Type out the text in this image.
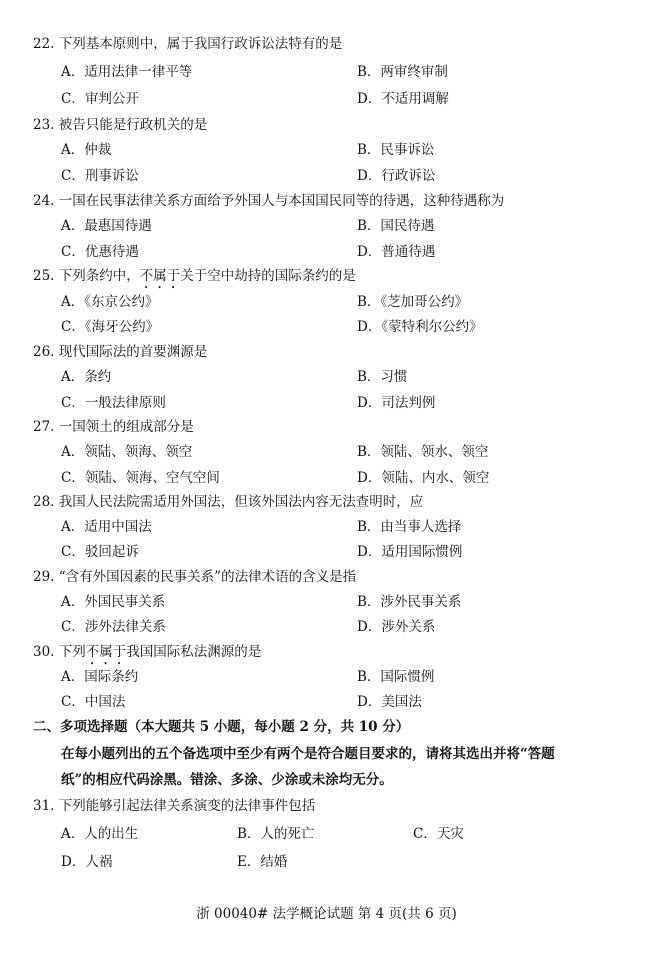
22. 下列基本原则中，属于我国行政诉讼法特有的是
A．适用法律一律平等	B．两审终审制
C．审判公开	D．不适用调解
23. 被告只能是行政机关的是
A．仲裁	B．民事诉讼
C．刑事诉讼	D．行政诉讼
24. 一国在民事法律关系方面给予外国人与本国国民同等的待遇，这种待遇称为
A．最惠国待遇	B．国民待遇
C．优惠待遇	D．普通待遇
25. 下列条约中，不属于关于空中劫持的国际条约的是
A．《东京公约》	B．《芝加哥公约》
C．《海牙公约》	D．《蒙特利尔公约》
26. 现代国际法的首要渊源是
A．条约	B．习惯
C．一般法律原则	D．司法判例
27. 一国领土的组成部分是
A．领陆、领海、领空	B．领陆、领水、领空
C．领陆、领海、空气空间	D．领陆、内水、领空
28. 我国人民法院需适用外国法，但该外国法内容无法查明时，应
A．适用中国法	B．由当事人选择
C．驳回起诉	D．适用国际惯例
29. “含有外国因素的民事关系”的法律术语的含义是指
A．外国民事关系	B．涉外民事关系
C．涉外法律关系	D．涉外关系
30. 下列不属于我国国际私法渊源的是
A．国际条约	B．国际惯例
C．中国法	D．美国法
二、多项选择题（本大题共 5 小题，每小题 2 分，共 10 分）
在每小题列出的五个备选项中至少有两个是符合题目要求的，请将其选出并将“答题
纸”的相应代码涂黑。错涂、多涂、少涂或未涂均无分。
31. 下列能够引起法律关系演变的法律事件包括
A．人的出生	B．人的死亡	C．天灾
D．人祸	E．结婚
浙 00040# 法学概论试题 第 4 页(共 6 页)
